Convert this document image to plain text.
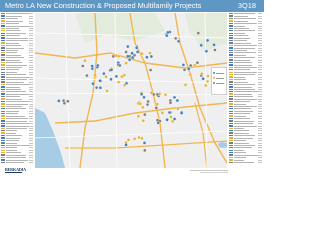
Metro LA New Construction & Proposed Multifamily Projects	3Q18
BERKADIA
